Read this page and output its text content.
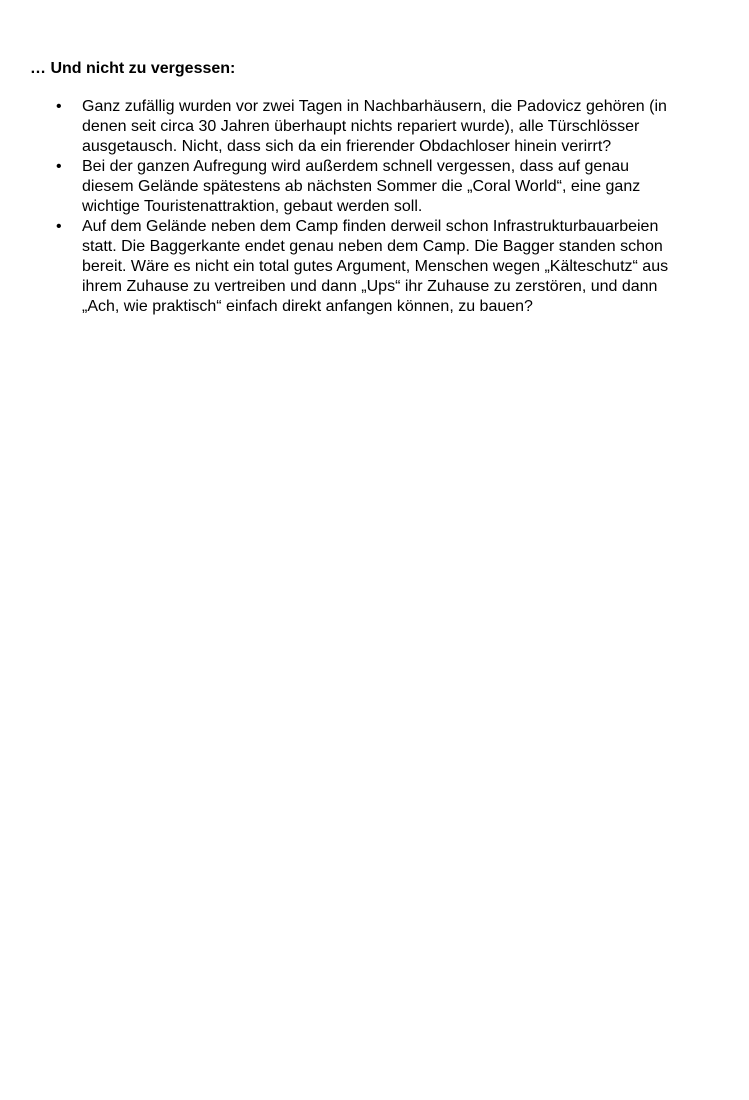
… Und nicht zu vergessen:
• Ganz zufällig wurden vor zwei Tagen in Nachbarhäusern, die Padovicz gehören (in
denen seit circa 30 Jahren überhaupt nichts repariert wurde), alle Türschlösser
ausgetausch. Nicht, dass sich da ein frierender Obdachloser hinein verirrt?
• Bei der ganzen Aufregung wird außerdem schnell vergessen, dass auf genau
diesem Gelände spätestens ab nächsten Sommer die „Coral World“, eine ganz
wichtige Touristenattraktion, gebaut werden soll.
• Auf dem Gelände neben dem Camp finden derweil schon Infrastrukturbauarbeien
statt. Die Baggerkante endet genau neben dem Camp. Die Bagger standen schon
bereit. Wäre es nicht ein total gutes Argument, Menschen wegen „Kälteschutz“ aus
ihrem Zuhause zu vertreiben und dann „Ups“ ihr Zuhause zu zerstören, und dann
„Ach, wie praktisch“ einfach direkt anfangen können, zu bauen?
